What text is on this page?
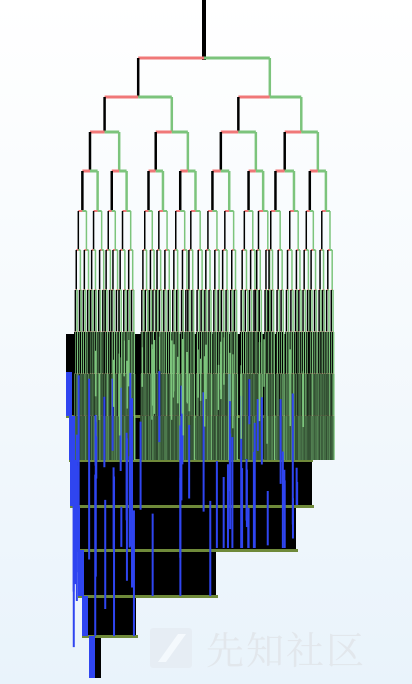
先知社区
